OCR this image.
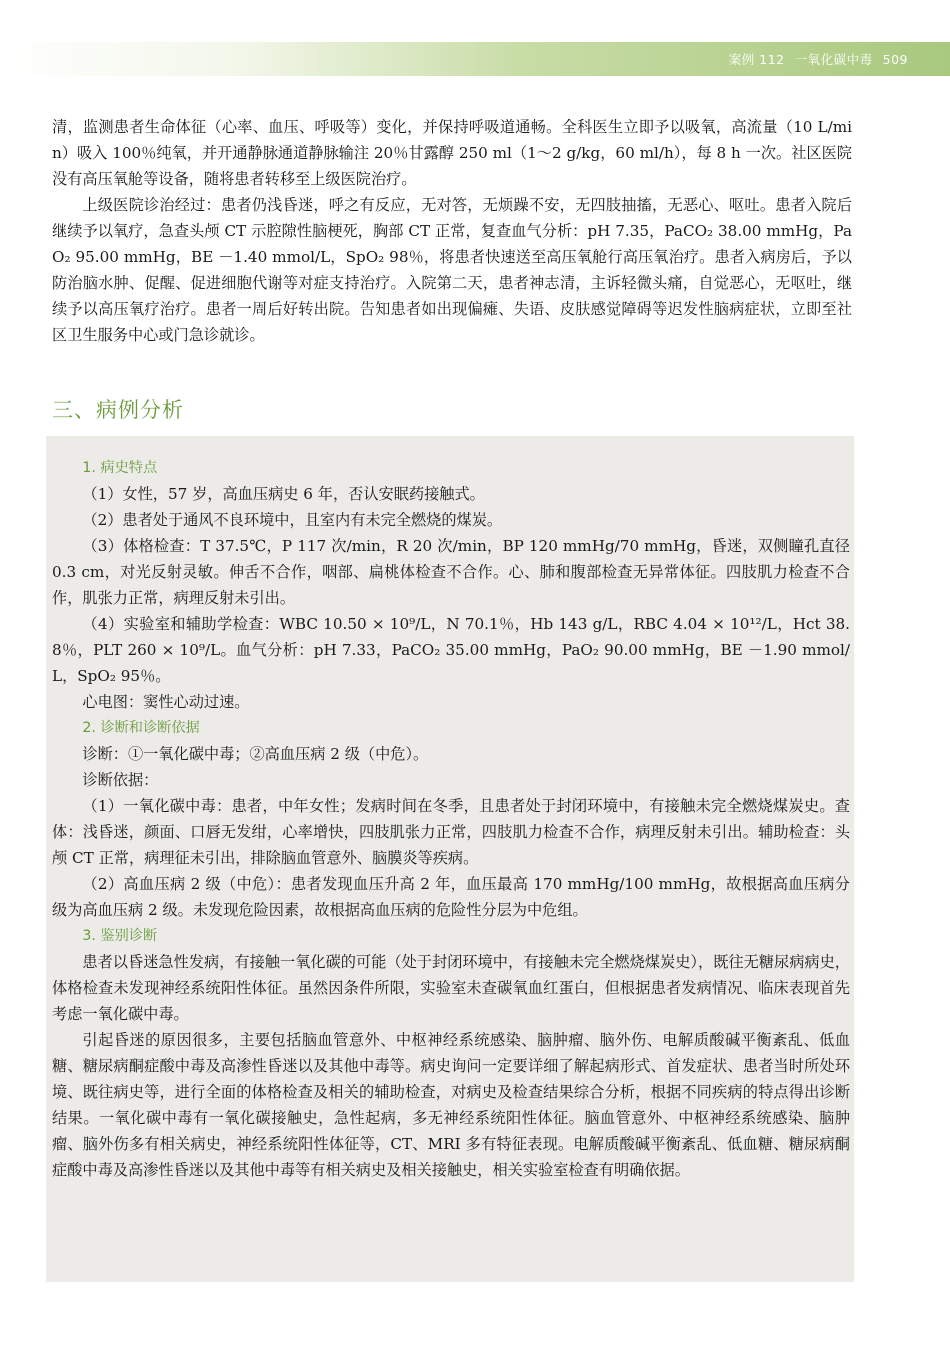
案例 112 一氧化碳中毒 509

清，监测患者生命体征（心率、血压、呼吸等）变化，并保持呼吸道通畅。全科医生立即予以吸氧，高流量（10 L/min）吸入 100％纯氧，并开通静脉通道静脉输注 20％甘露醇 250 ml（1～2 g/kg，60 ml/h），每 8 h 一次。社区医院没有高压氧舱等设备，随将患者转移至上级医院治疗。

上级医院诊治经过：患者仍浅昏迷，呼之有反应，无对答，无烦躁不安，无四肢抽搐，无恶心、呕吐。患者入院后继续予以氧疗，急查头颅 CT 示腔隙性脑梗死，胸部 CT 正常，复查血气分析：pH 7.35，PaCO₂ 38.00 mmHg，PaO₂ 95.00 mmHg，BE －1.40 mmol/L，SpO₂ 98％，将患者快速送至高压氧舱行高压氧治疗。患者入病房后，予以防治脑水肿、促醒、促进细胞代谢等对症支持治疗。入院第二天，患者神志清，主诉轻微头痛，自觉恶心，无呕吐，继续予以高压氧疗治疗。患者一周后好转出院。告知患者如出现偏瘫、失语、皮肤感觉障碍等迟发性脑病症状，立即至社区卫生服务中心或门急诊就诊。

三、病例分析
1. 病史特点

（1）女性，57 岁，高血压病史 6 年，否认安眠药接触式。

（2）患者处于通风不良环境中，且室内有未完全燃烧的煤炭。

（3）体格检查：T 37.5℃，P 117 次/min，R 20 次/min，BP 120 mmHg/70 mmHg，昏迷，双侧瞳孔直径 0.3 cm，对光反射灵敏。伸舌不合作，咽部、扁桃体检查不合作。心、肺和腹部检查无异常体征。四肢肌力检查不合作，肌张力正常，病理反射未引出。

（4）实验室和辅助学检查：WBC 10.50 × 10⁹/L，N 70.1％，Hb 143 g/L，RBC 4.04 × 10¹²/L，Hct 38.8％，PLT 260 × 10⁹/L。血气分析：pH 7.33，PaCO₂ 35.00 mmHg，PaO₂ 90.00 mmHg，BE －1.90 mmol/L，SpO₂ 95％。

心电图：窦性心动过速。

2. 诊断和诊断依据

诊断：①一氧化碳中毒；②高血压病 2 级（中危）。

诊断依据：

（1）一氧化碳中毒：患者，中年女性；发病时间在冬季，且患者处于封闭环境中，有接触未完全燃烧煤炭史。查体：浅昏迷，颜面、口唇无发绀，心率增快，四肢肌张力正常，四肢肌力检查不合作，病理反射未引出。辅助检查：头颅 CT 正常，病理征未引出，排除脑血管意外、脑膜炎等疾病。

（2）高血压病 2 级（中危）：患者发现血压升高 2 年，血压最高 170 mmHg/100 mmHg，故根据高血压病分级为高血压病 2 级。未发现危险因素，故根据高血压病的危险性分层为中危组。

3. 鉴别诊断

患者以昏迷急性发病，有接触一氧化碳的可能（处于封闭环境中，有接触未完全燃烧煤炭史），既往无糖尿病病史，体格检查未发现神经系统阳性体征。虽然因条件所限，实验室未查碳氧血红蛋白，但根据患者发病情况、临床表现首先考虑一氧化碳中毒。

引起昏迷的原因很多，主要包括脑血管意外、中枢神经系统感染、脑肿瘤、脑外伤、电解质酸碱平衡紊乱、低血糖、糖尿病酮症酸中毒及高渗性昏迷以及其他中毒等。病史询问一定要详细了解起病形式、首发症状、患者当时所处环境、既往病史等，进行全面的体格检查及相关的辅助检查，对病史及检查结果综合分析，根据不同疾病的特点得出诊断结果。一氧化碳中毒有一氧化碳接触史，急性起病，多无神经系统阳性体征。脑血管意外、中枢神经系统感染、脑肿瘤、脑外伤多有相关病史，神经系统阳性体征等，CT、MRI 多有特征表现。电解质酸碱平衡紊乱、低血糖、糖尿病酮症酸中毒及高渗性昏迷以及其他中毒等有相关病史及相关接触史，相关实验室检查有明确依据。
